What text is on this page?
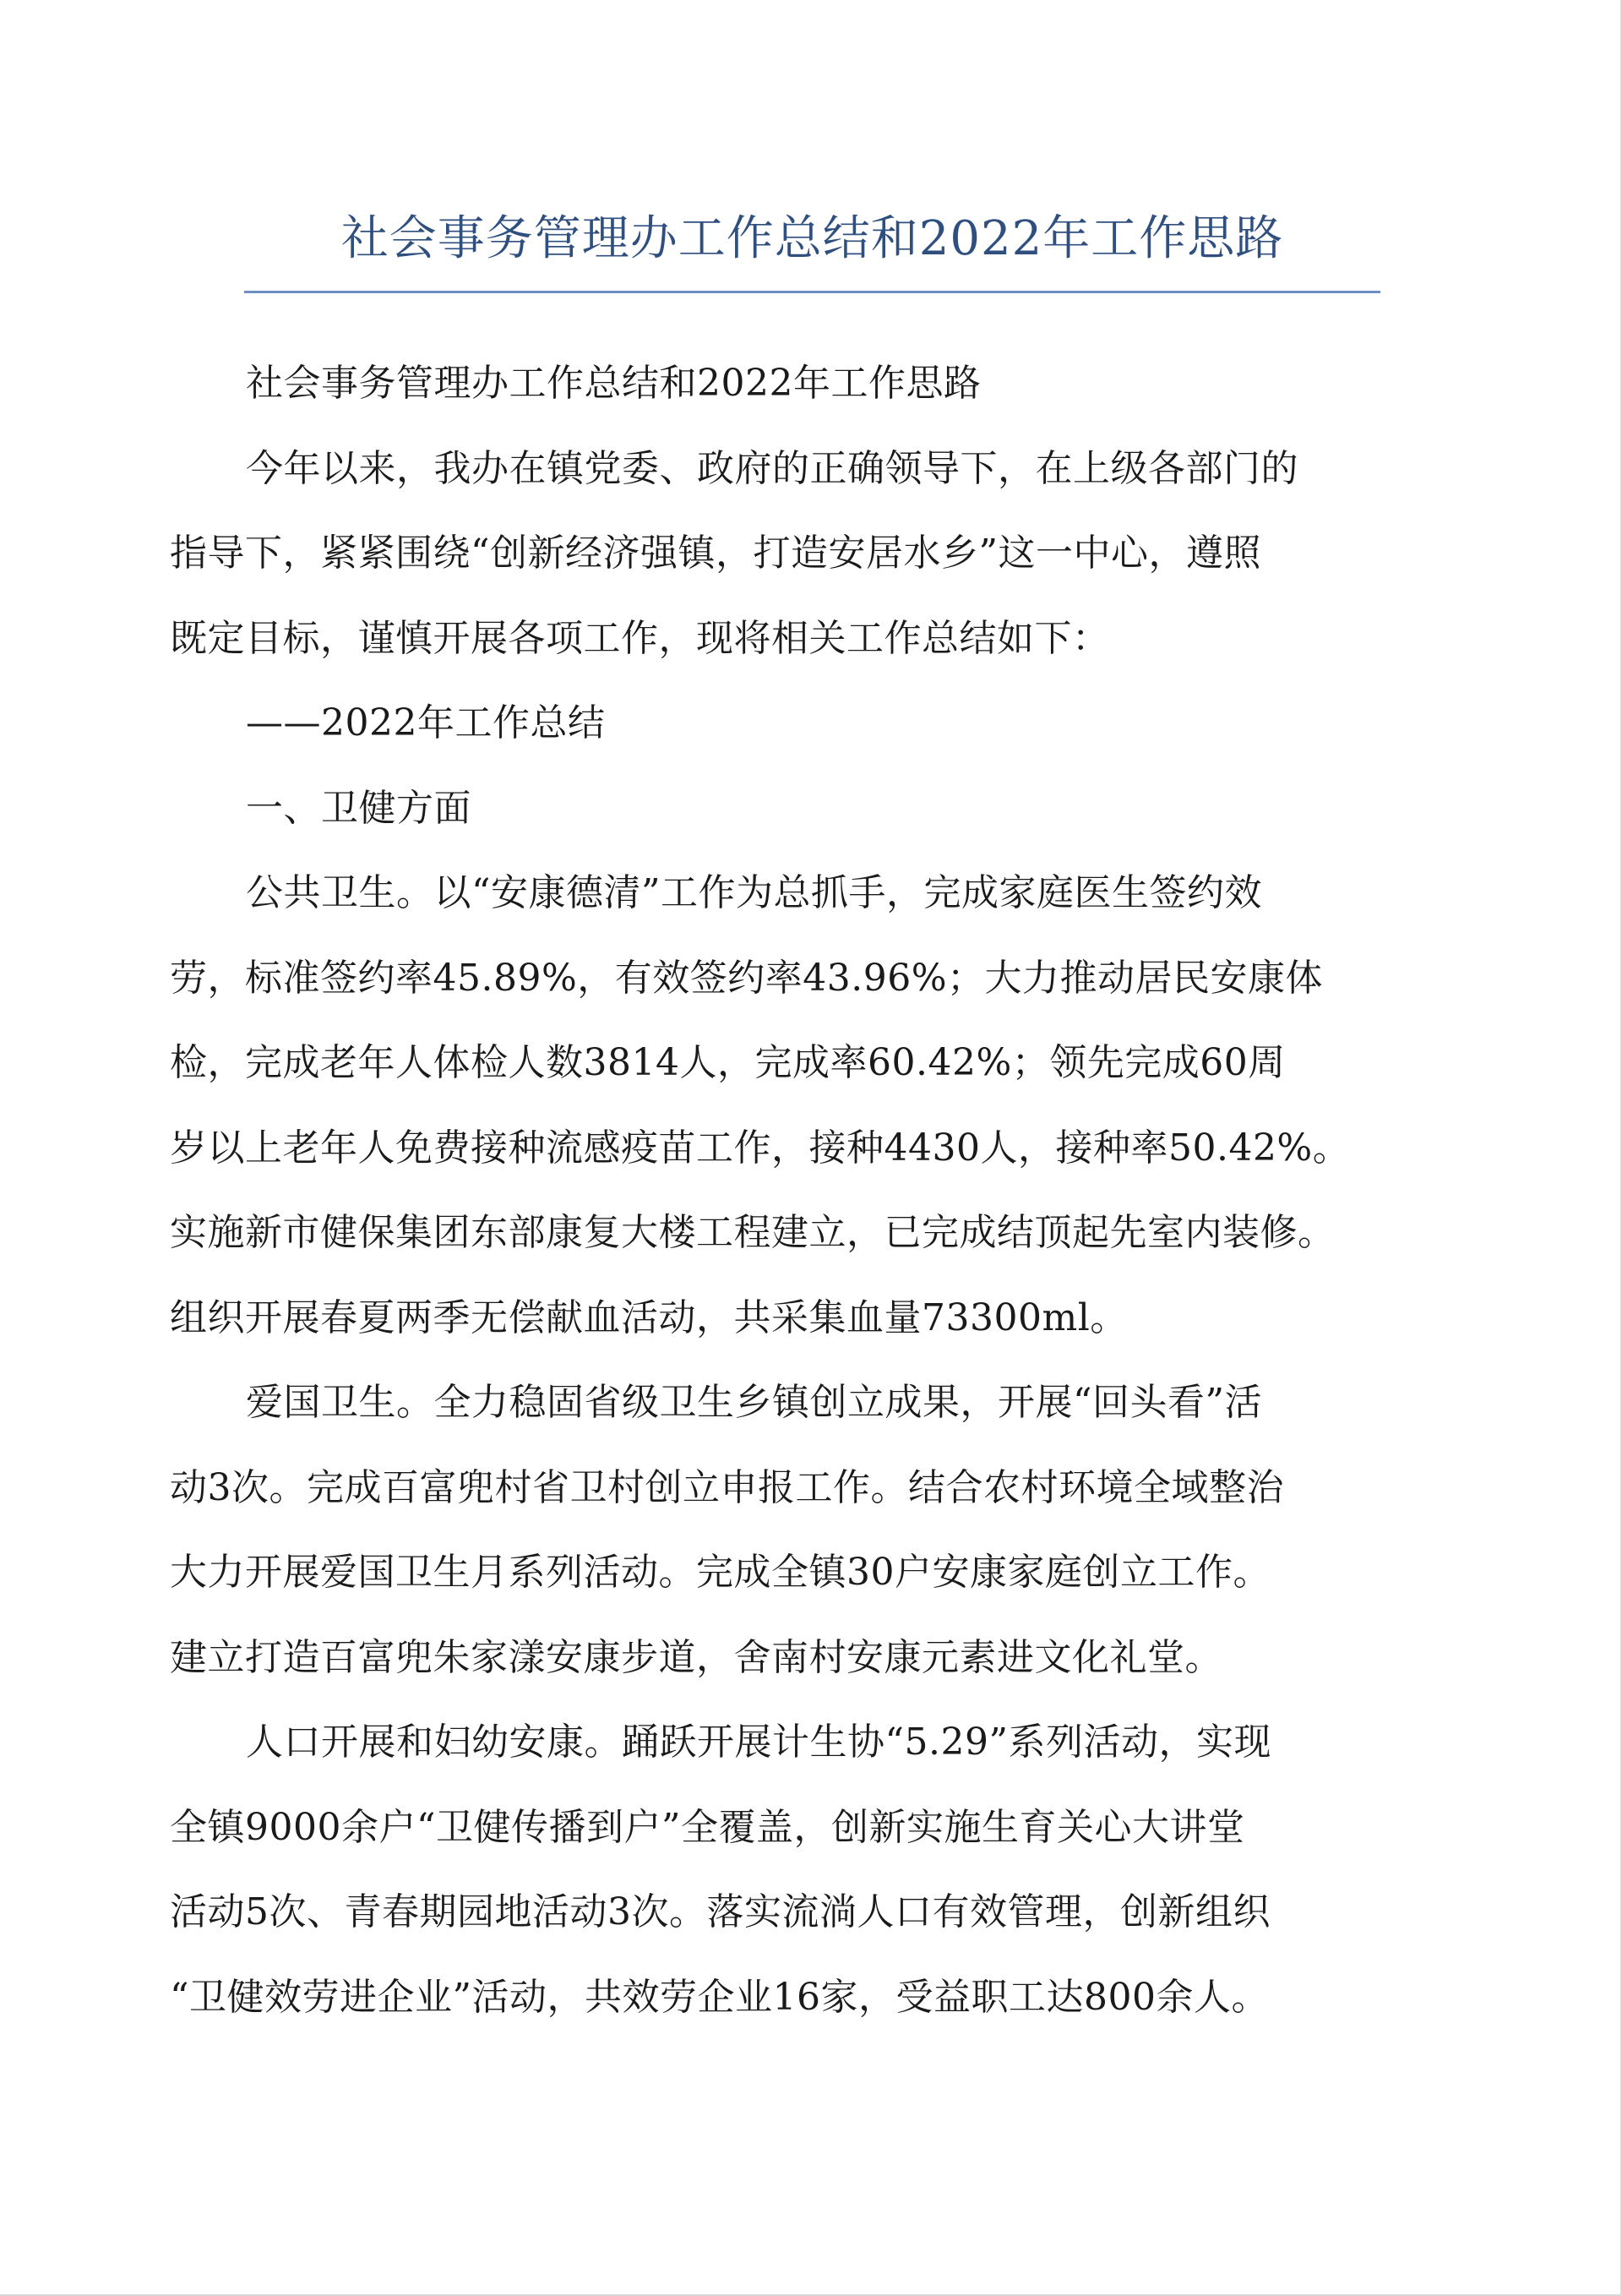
社会事务管理办工作总结和2022年工作思路

社会事务管理办工作总结和2022年工作思路

今年以来，我办在镇党委、政府的正确领导下，在上级各部门的
指导下，紧紧围绕“创新经济强镇，打造安居水乡”这一中心，遵照
既定目标，谨慎开展各项工作，现将相关工作总结如下：

——2022年工作总结

一、卫健方面

公共卫生。以“安康德清”工作为总抓手，完成家庭医生签约效
劳，标准签约率45.89%，有效签约率43.96%；大力推动居民安康体
检，完成老年人体检人数3814人，完成率60.42%；领先完成60周
岁以上老年人免费接种流感疫苗工作，接种4430人，接种率50.42%。
实施新市健保集团东部康复大楼工程建立，已完成结顶起先室内装修。
组织开展春夏两季无偿献血活动，共采集血量73300ml。

爱国卫生。全力稳固省级卫生乡镇创立成果，开展“回头看”活
动3次。完成百富兜村省卫村创立申报工作。结合农村环境全域整治
大力开展爱国卫生月系列活动。完成全镇30户安康家庭创立工作。
建立打造百富兜朱家漾安康步道，舍南村安康元素进文化礼堂。

人口开展和妇幼安康。踊跃开展计生协“5.29”系列活动，实现
全镇9000余户“卫健传播到户”全覆盖，创新实施生育关心大讲堂
活动5次、青春期园地活动3次。落实流淌人口有效管理，创新组织
“卫健效劳进企业”活动，共效劳企业16家，受益职工达800余人。
